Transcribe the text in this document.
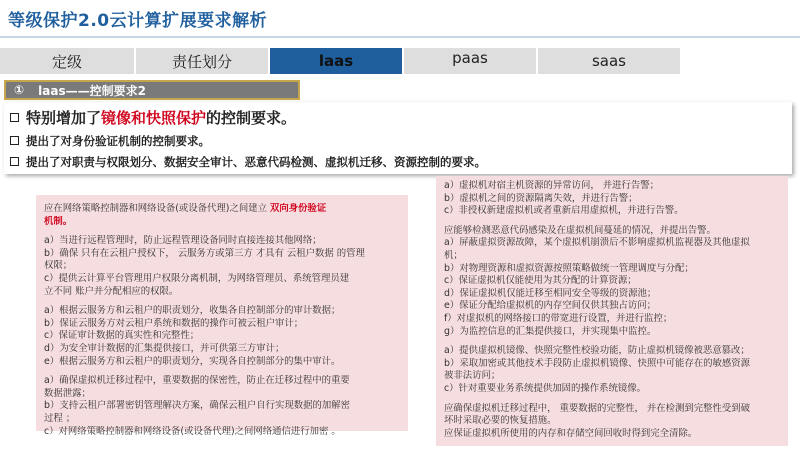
等级保护2.0云计算扩展要求解析
定级	责任划分	laas	paas	saas
① laas——控制要求2
特别增加了 镜像和快照保护 的控制要求。
提出了对身份验证机制的控制要求。
提出了对职责与权限划分、数据安全审计、恶意代码检测、虚拟机迁移、资源控制的要求。
应在网络策略控制器和网络设备(或设备代理)之间建立 双向身份验证
机制。
a）当进行远程管理时，防止远程管理设备同时直接连接其他网络；
b）确保 只有在云租户授权下， 云服务方或第三方 才具有 云租户数据 的管理
权限；
c）提供云计算平台管理用户权限分离机制，为网络管理员、系统管理员建
立不同 账户并分配相应的权限。
a）根据云服务方和云租户的职责划分，收集各自控制部分的审计数据；
b）保证云服务方对云租户系统和数据的操作可被云租户审计；
c）保证审计数据的真实性和完整性；
d）为安全审计数据的汇集提供接口，并可供第三方审计；
e）根据云服务方和云租户的职责划分，实现各自控制部分的集中审计。
a）确保虚拟机迁移过程中，重要数据的保密性，防止在迁移过程中的重要
数据泄露；
b）支持云租户部署密钥管理解决方案，确保云租户自行实现数据的加解密
过程 ；
c）对网络策略控制器和网络设备(或设备代理)之间网络通信进行加密 。
a）虚拟机对宿主机资源的异常访问， 并进行告警；
b）虚拟机之间的资源隔离失效，并进行告警；
c）非授权新建虚拟机或者重新启用虚拟机，并进行告警。
应能够检测恶意代码感染及在虚拟机间蔓延的情况，并提出告警。
a）屏蔽虚拟资源故障，某个虚拟机崩溃后不影响虚拟机监视器及其他虚拟
机；
b）对物理资源和虚拟资源按照策略做统一管理调度与分配；
c）保证虚拟机仅能使用为其分配的计算资源；
d）保证虚拟机仅能迁移至相同安全等级的资源池；
e）保证分配给虚拟机的内存空间仅供其独占访问；
f）对虚拟机的网络接口的带宽进行设置，并进行监控；
g）为监控信息的汇集提供接口，并实现集中监控。
a）提供虚拟机镜像、快照完整性校验功能，防止虚拟机镜像被恶意篡改；
b）采取加密或其他技术手段防止虚拟机镜像、快照中可能存在的敏感资源
被非法访问；
c）针对重要业务系统提供加固的操作系统镜像。
应确保虚拟机迁移过程中， 重要数据的完整性， 并在检测到完整性受到破
坏时采取必要的恢复措施。
应保证虚拟机所使用的内存和存储空间回收时得到完全清除。
